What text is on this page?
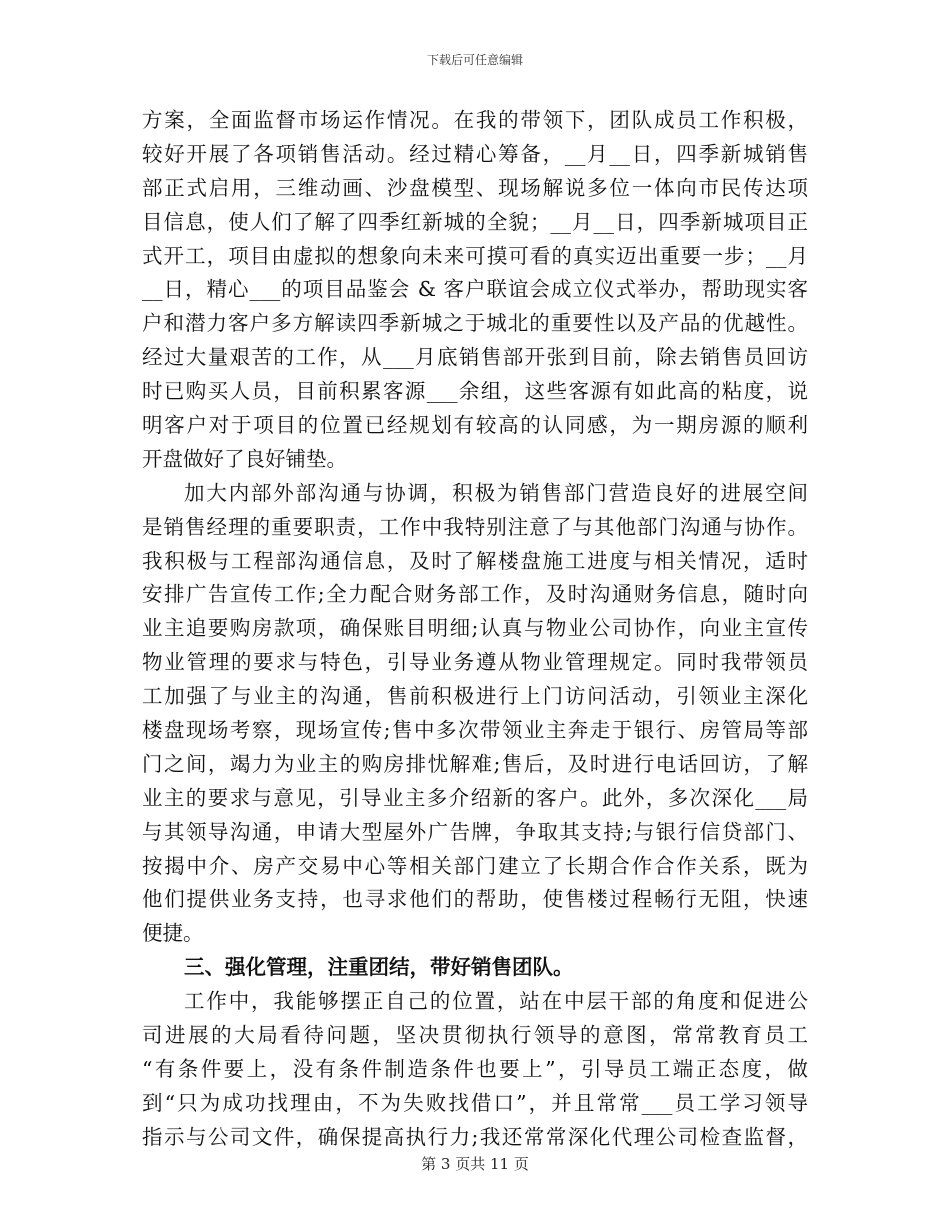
下载后可任意编辑
方案，全面监督市场运作情况。在我的带领下，团队成员工作积极，
较好开展了各项销售活动。经过精心筹备，__月__日，四季新城销售
部正式启用，三维动画、沙盘模型、现场解说多位一体向市民传达项
目信息，使人们了解了四季红新城的全貌；__月__日，四季新城项目正
式开工，项目由虚拟的想象向未来可摸可看的真实迈出重要一步；__月
__日，精心___的项目品鉴会 & 客户联谊会成立仪式举办，帮助现实客
户和潜力客户多方解读四季新城之于城北的重要性以及产品的优越性。
经过大量艰苦的工作，从___月底销售部开张到目前，除去销售员回访
时已购买人员，目前积累客源___余组，这些客源有如此高的粘度，说
明客户对于项目的位置已经规划有较高的认同感，为一期房源的顺利
开盘做好了良好铺垫。
加大内部外部沟通与协调，积极为销售部门营造良好的进展空间
是销售经理的重要职责，工作中我特别注意了与其他部门沟通与协作。
我积极与工程部沟通信息，及时了解楼盘施工进度与相关情况，适时
安排广告宣传工作;全力配合财务部工作，及时沟通财务信息，随时向
业主追要购房款项，确保账目明细;认真与物业公司协作，向业主宣传
物业管理的要求与特色，引导业务遵从物业管理规定。同时我带领员
工加强了与业主的沟通，售前积极进行上门访问活动，引领业主深化
楼盘现场考察，现场宣传;售中多次带领业主奔走于银行、房管局等部
门之间，竭力为业主的购房排忧解难;售后，及时进行电话回访，了解
业主的要求与意见，引导业主多介绍新的客户。此外，多次深化___局
与其领导沟通，申请大型屋外广告牌，争取其支持;与银行信贷部门、
按揭中介、房产交易中心等相关部门建立了长期合作合作关系，既为
他们提供业务支持，也寻求他们的帮助，使售楼过程畅行无阻，快速
便捷。
三、强化管理，注重团结，带好销售团队。
工作中，我能够摆正自己的位置，站在中层干部的角度和促进公
司进展的大局看待问题，坚决贯彻执行领导的意图，常常教育员工
“有条件要上，没有条件制造条件也要上”，引导员工端正态度，做
到“只为成功找理由，不为失败找借口”，并且常常___员工学习领导
指示与公司文件，确保提高执行力;我还常常深化代理公司检查监督，
第 3 页共 11 页
